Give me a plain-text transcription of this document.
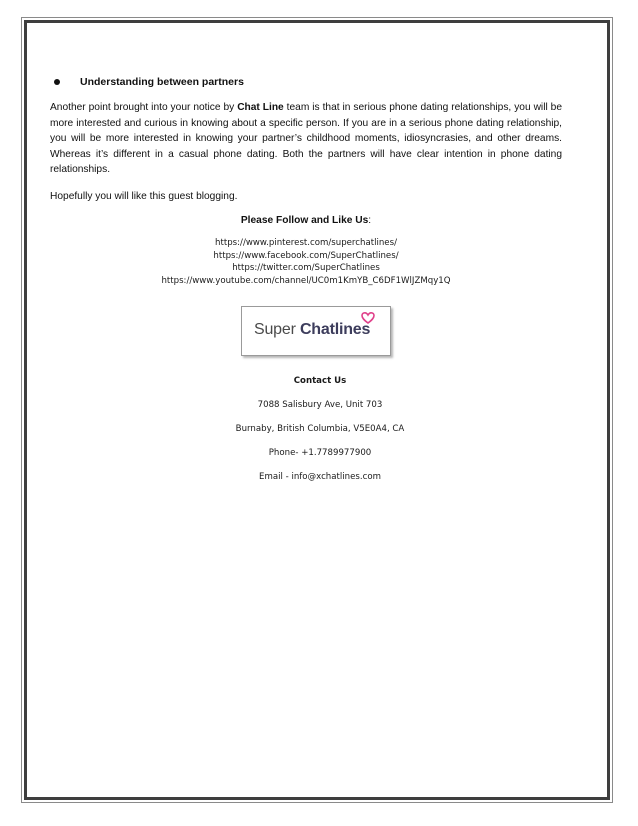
Understanding between partners

Another point brought into your notice by Chat Line team is that in serious phone dating relationships, you will be more interested and curious in knowing about a specific person. If you are in a serious phone dating relationship, you will be more interested in knowing your partner’s childhood moments, idiosyncrasies, and other dreams. Whereas it’s different in a casual phone dating. Both the partners will have clear intention in phone dating relationships.

Hopefully you will like this guest blogging.

Please Follow and Like Us:

https://www.pinterest.com/superchatlines/
https://www.facebook.com/SuperChatlines/
https://twitter.com/SuperChatlines
https://www.youtube.com/channel/UC0m1KmYB_C6DF1WlJZMqy1Q
Super Chatlines
Contact Us
7088 Salisbury Ave, Unit 703
Burnaby, British Columbia, V5E0A4, CA
Phone- +1.7789977900
Email - info@xchatlines.com
